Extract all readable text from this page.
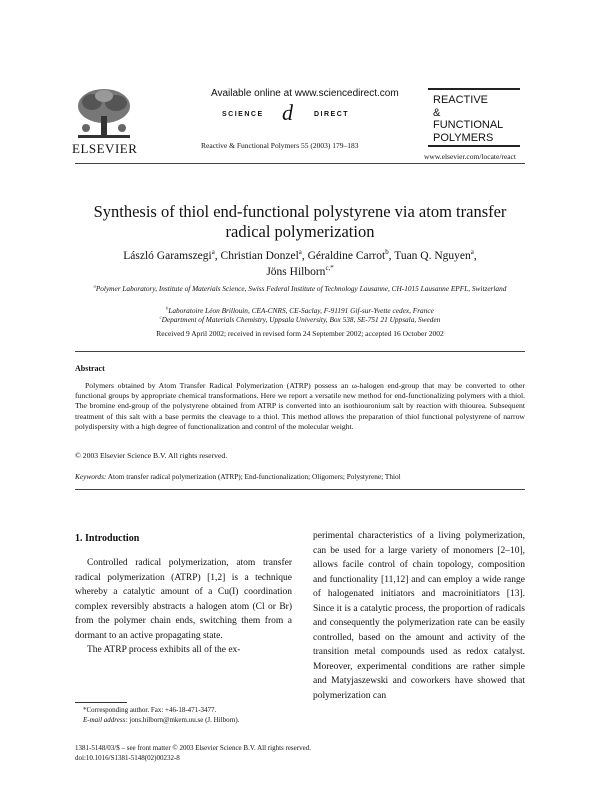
ELSEVIER
Available online at www.sciencedirect.com
SCIENCE d	DIRECT
Reactive & Functional Polymers 55 (2003) 179–183
REACTIVE
&
FUNCTIONAL
POLYMERS
www.elsevier.com/locate/react
Synthesis of thiol end-functional polystyrene via atom transfer
radical polymerization
László Garamszegi$^a$, Christian Donzel$^a$, Géraldine Carrot$^b$, Tuan Q. Nguyen$^a$,
Jöns Hilborn$^{c,*}$
$^a$Polymer Laboratory, Institute of Materials Science, Swiss Federal Institute of Technology Lausanne, CH-1015 Lausanne EPFL, Switzerland
$^b$Laboratoire Léon Brillouin, CEA-CNRS, CE-Saclay, F-91191 Gif-sur-Yvette cedex, France
$^c$Department of Materials Chemistry, Uppsala University, Box 538, SE-751 21 Uppsala, Sweden
Received 9 April 2002; received in revised form 24 September 2002; accepted 16 October 2002
Abstract
Polymers obtained by Atom Transfer Radical Polymerization (ATRP) possess an ω-halogen end-group that may be converted to other functional groups by appropriate chemical transformations. Here we report a versatile new method for end-functionalizing polymers with a thiol. The bromine end-group of the polystyrene obtained from ATRP is converted into an isothiouronium salt by reaction with thiourea. Subsequent treatment of this salt with a base permits the cleavage to a thiol. This method allows the preparation of thiol functional polystyrene of narrow polydispersity with a high degree of functionalization and control of the molecular weight.
© 2003 Elsevier Science B.V. All rights reserved.
Keywords: Atom transfer radical polymerization (ATRP); End-functionalization; Oligomers; Polystyrene; Thiol
1. Introduction

Controlled radical polymerization, atom transfer radical polymerization (ATRP) [1,2] is a technique whereby a catalytic amount of a Cu(I) coordination complex reversibly abstracts a halogen atom (Cl or Br) from the polymer chain ends, switching them from a dormant to an active propagating state.

The ATRP process exhibits all of the ex-

perimental characteristics of a living polymerization, can be used for a large variety of monomers [2–10], allows facile control of chain topology, composition and functionality [11,12] and can employ a wide range of halogenated initiators and macroinitiators [13]. Since it is a catalytic process, the proportion of radicals and consequently the polymerization rate can be easily controlled, based on the amount and activity of the transition metal compounds used as redox catalyst. Moreover, experimental conditions are rather simple and Matyjaszewski and coworkers have showed that polymerization can
*Corresponding author. Fax: +46-18-471-3477.
E-mail address: jons.hilborn@mkem.uu.se (J. Hilborn).
1381-5148/03/$ – see front matter © 2003 Elsevier Science B.V. All rights reserved.
doi:10.1016/S1381-5148(02)00232-8
